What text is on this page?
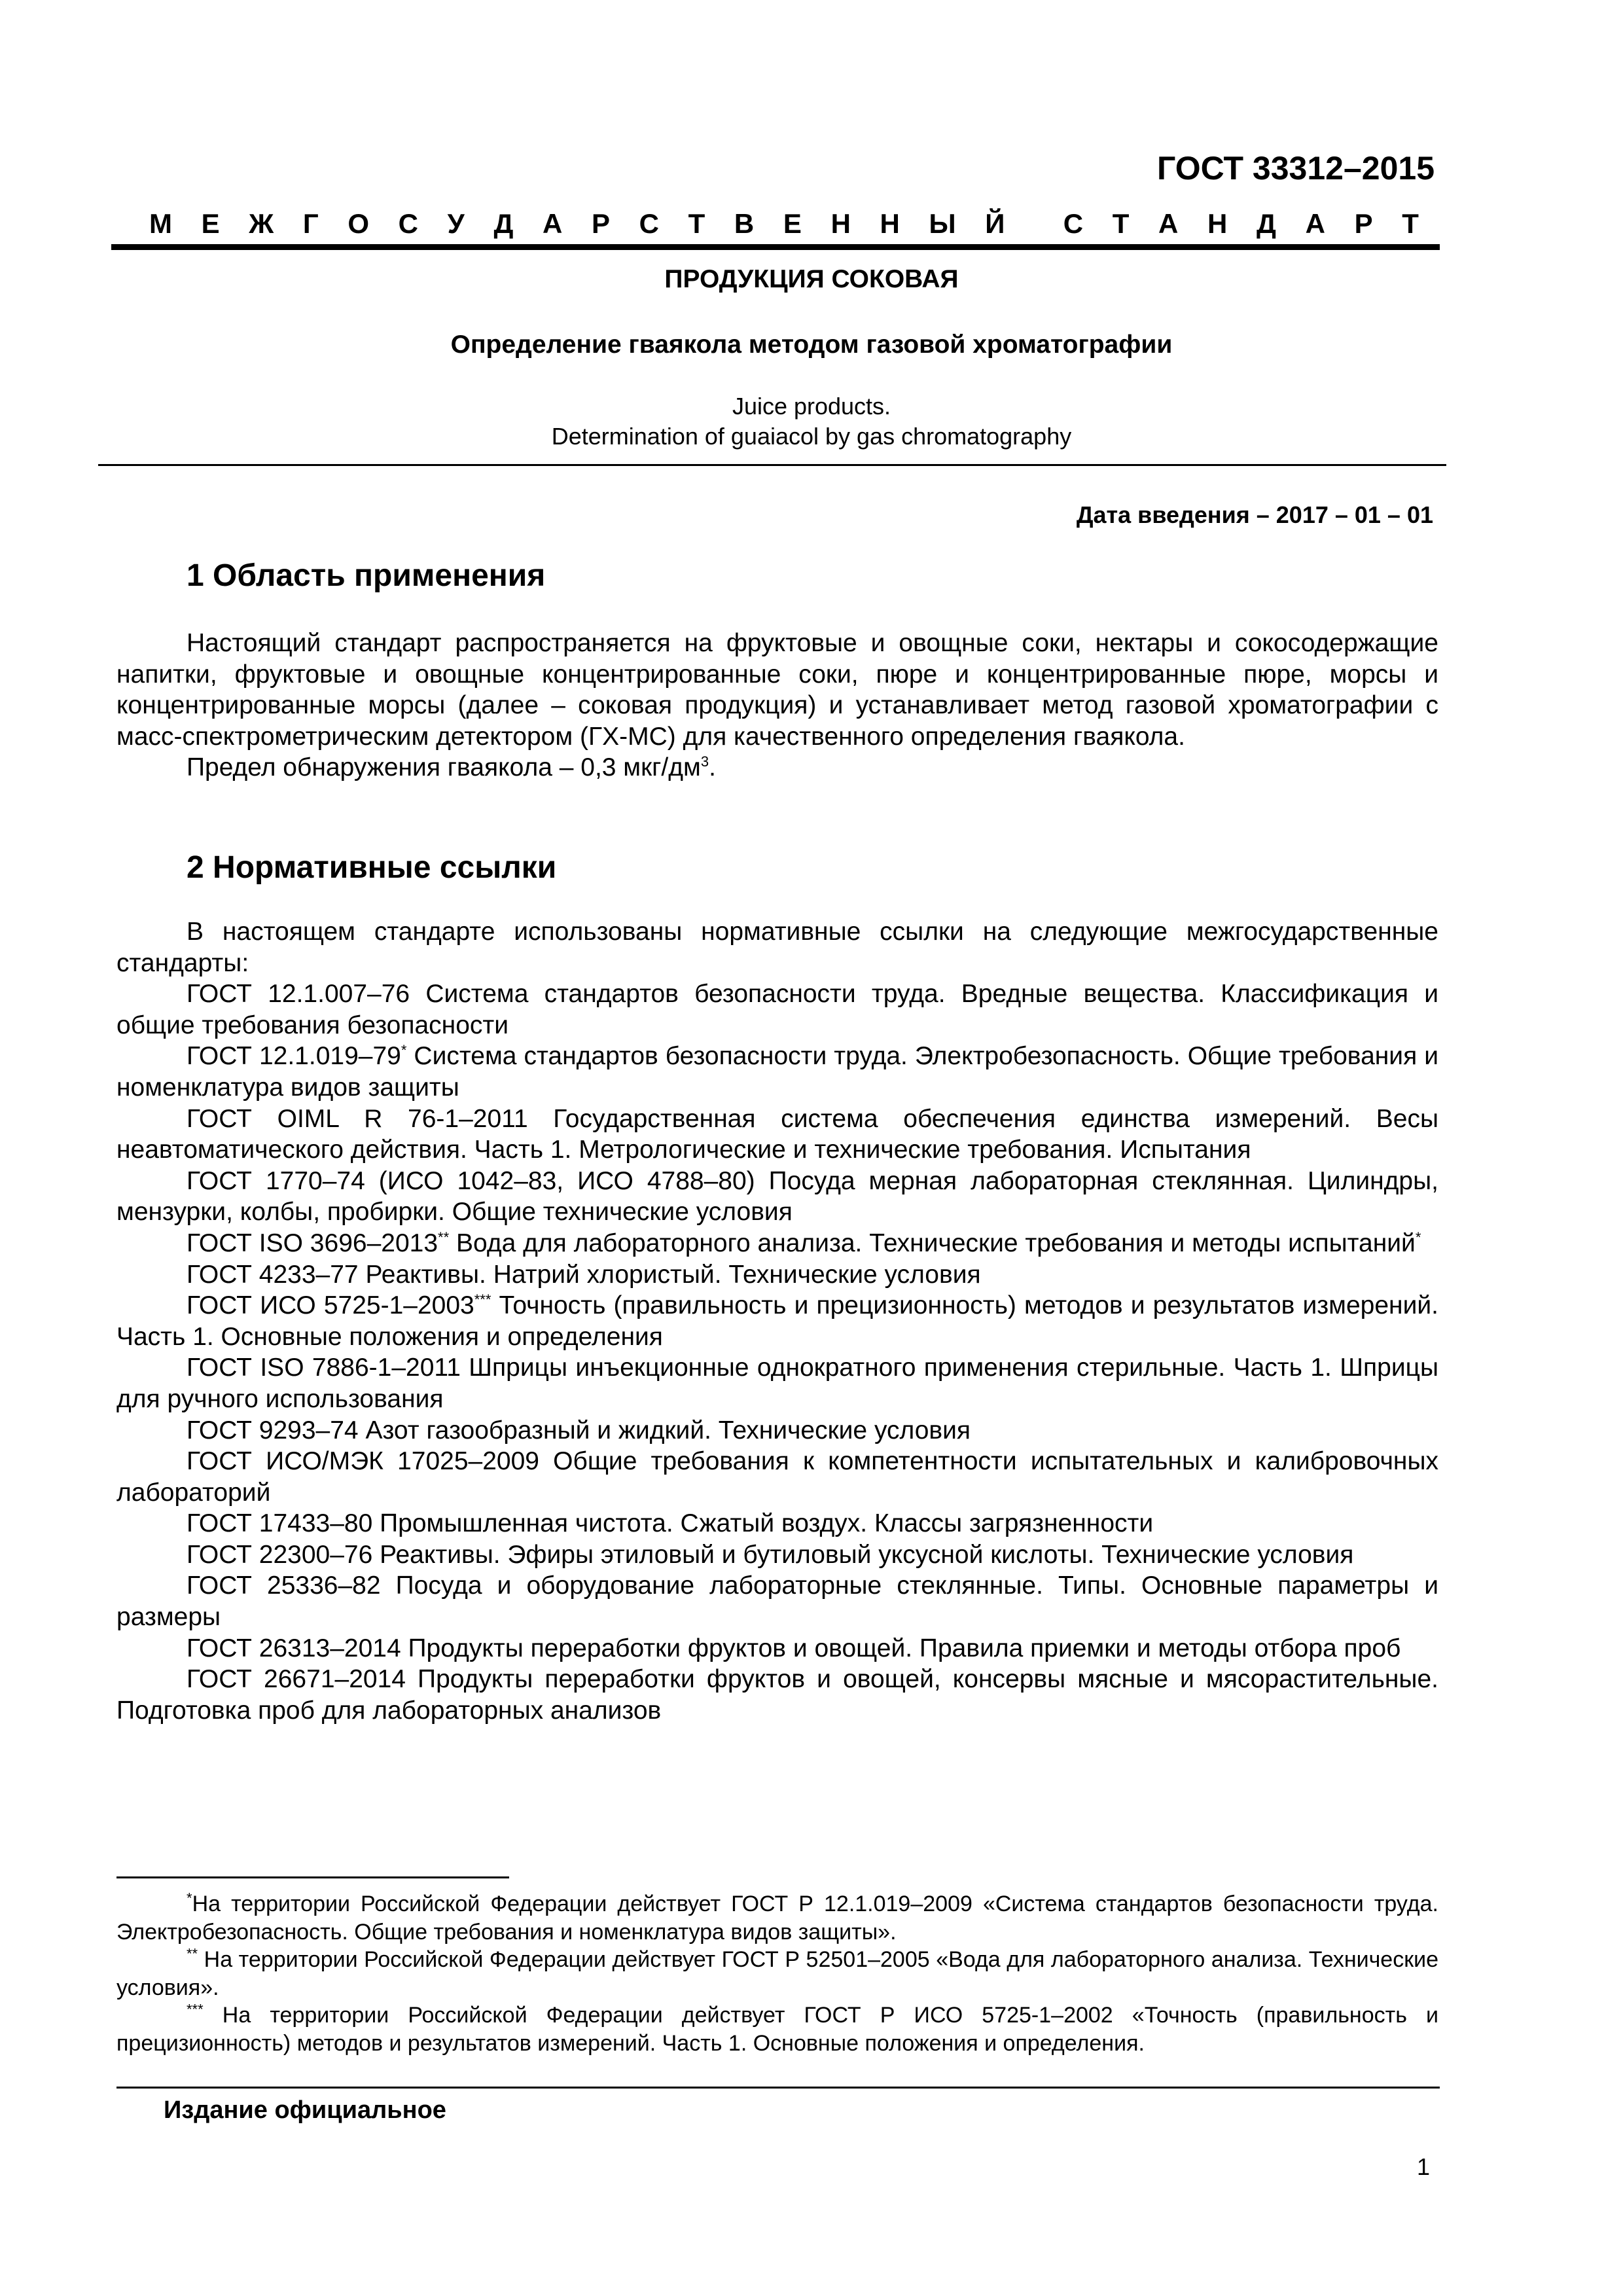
ГОСТ 33312–2015
М Е Ж Г О С У Д А Р С Т В Е Н Н Ы Й С Т А Н Д А Р Т
ПРОДУКЦИЯ СОКОВАЯ
Определение гваякола методом газовой хроматографии
Juice products.
Determination of guaiacol by gas chromatography
Дата введения – 2017 – 01 – 01
1 Область применения

Настоящий стандарт распространяется на фруктовые и овощные соки, нектары и сокосодержащие напитки, фруктовые и овощные концентрированные соки, пюре и концентрированные пюре, морсы и концентрированные морсы (далее – соковая продукция) и устанавливает метод газовой хроматографии с масс-спектрометрическим детектором (ГХ-МС) для качественного определения гваякола.

Предел обнаружения гваякола – 0,3 мкг/$дм^3$.

2 Нормативные ссылки

В настоящем стандарте использованы нормативные ссылки на следующие межгосударственные стандарты:

ГОСТ 12.1.007–76 Система стандартов безопасности труда. Вредные вещества. Классификация и общие требования безопасности

ГОСТ 12.1.019–79* Система стандартов безопасности труда. Электробезопасность. Общие требования и номенклатура видов защиты

ГОСТ OIML R 76-1–2011 Государственная система обеспечения единства измерений. Весы неавтоматического действия. Часть 1. Метрологические и технические требования. Испытания

ГОСТ 1770–74 (ИСО 1042–83, ИСО 4788–80) Посуда мерная лабораторная стеклянная. Цилиндры, мензурки, колбы, пробирки. Общие технические условия

ГОСТ ISO 3696–2013** Вода для лабораторного анализа. Технические требования и методы испытаний*

ГОСТ 4233–77 Реактивы. Натрий хлористый. Технические условия

ГОСТ ИСО 5725-1–2003*** Точность (правильность и прецизионность) методов и результатов измерений. Часть 1. Основные положения и определения

ГОСТ ISO 7886-1–2011 Шприцы инъекционные однократного применения стерильные. Часть 1. Шприцы для ручного использования

ГОСТ 9293–74 Азот газообразный и жидкий. Технические условия

ГОСТ ИСО/МЭК 17025–2009 Общие требования к компетентности испытательных и калибровочных лабораторий

ГОСТ 17433–80 Промышленная чистота. Сжатый воздух. Классы загрязненности

ГОСТ 22300–76 Реактивы. Эфиры этиловый и бутиловый уксусной кислоты. Технические условия

ГОСТ 25336–82 Посуда и оборудование лабораторные стеклянные. Типы. Основные параметры и размеры

ГОСТ 26313–2014 Продукты переработки фруктов и овощей. Правила приемки и методы отбора проб

ГОСТ 26671–2014 Продукты переработки фруктов и овощей, консервы мясные и мясорастительные. Подготовка проб для лабораторных анализов

*На территории Российской Федерации действует ГОСТ Р 12.1.019–2009 «Система стандартов безопасности труда. Электробезопасность. Общие требования и номенклатура видов защиты».

** На территории Российской Федерации действует ГОСТ Р 52501–2005 «Вода для лабораторного анализа. Технические условия».

*** На территории Российской Федерации действует ГОСТ Р ИСО 5725-1–2002 «Точность (правильность и прецизионность) методов и результатов измерений. Часть 1. Основные положения и определения.

Издание официальное
1
